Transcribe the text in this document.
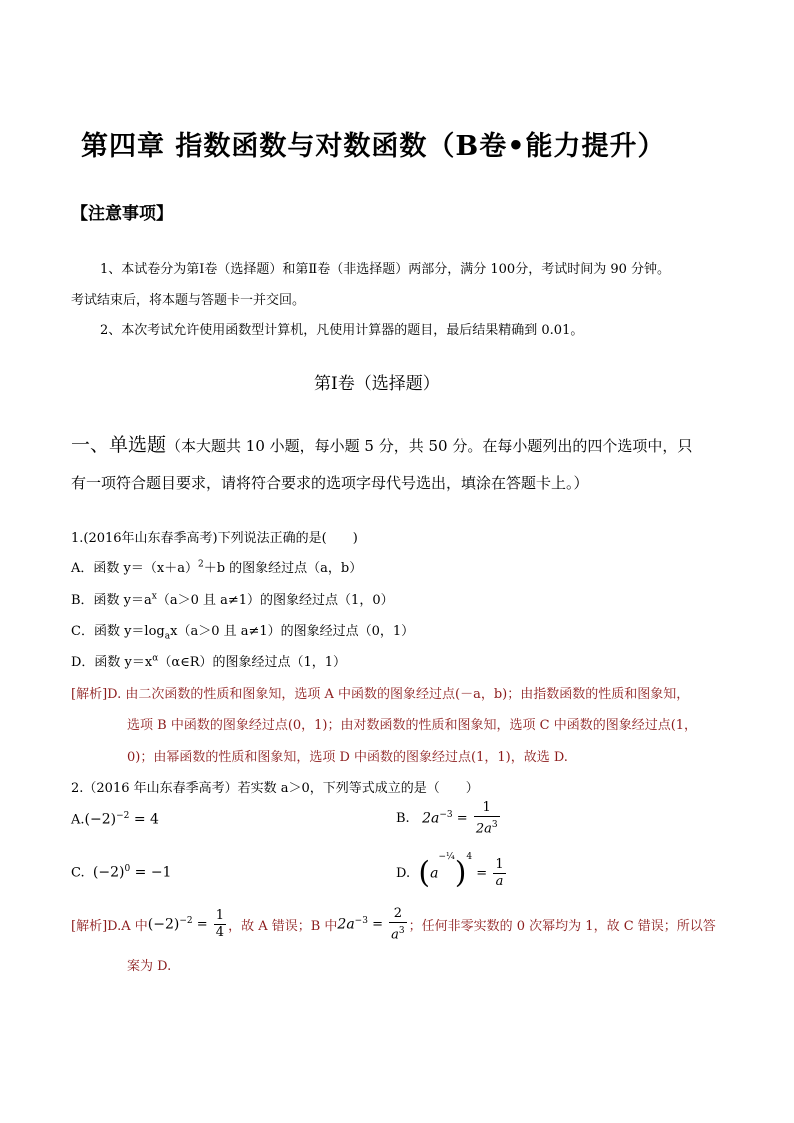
第四章 指数函数与对数函数（B卷•能力提升）
【注意事项】
1、本试卷分为第Ⅰ卷（选择题）和第Ⅱ卷（非选择题）两部分，满分 100分，考试时间为 90 分钟。
考试结束后，将本题与答题卡一并交回。
2、本次考试允许使用函数型计算机，凡使用计算器的题目，最后结果精确到 0.01。
第Ⅰ卷（选择题）
一、单选题（本大题共 10 小题，每小题 5 分，共 50 分。在每小题列出的四个选项中，只
有一项符合题目要求，请将符合要求的选项字母代号选出，填涂在答题卡上。）
1.(2016年山东春季高考)下列说法正确的是(　　)
A．函数 $y=(x+a)^2+b$ 的图象经过点（a，b）
B．函数 $y=a^x(a>0$ 且 a≠1）的图象经过点（1，0）
C．函数 $y=\log_ax(a>0$ 且 a≠1）的图象经过点（0，1）
D．函数 $y=x^\alpha(\alpha\in R)$的图象经过点（1，1）
[解析]D. 由二次函数的性质和图象知，选项 A 中函数的图象经过点(－a，b)；由指数函数的性质和图象知，
选项 B 中函数的图象经过点(0，1)；由对数函数的性质和图象知，选项 C 中函数的图象经过点(1，
0)；由幂函数的性质和图象知，选项 D 中函数的图象经过点(1，1)，故选 D.
2.（2016 年山东春季高考）若实数 a＞0，下列等式成立的是（　　）
$A.(-2)^{-2} = 4$	B. $2a^{-3} = \frac{1}{2a^3}$
C. $(-2)^0 = -1$	D. $(a^{-\frac{1}{4}})^4 = \frac{1}{a}$
[解析]D.A 中$(-2)^{-2} = \frac{1}{4}$ ，故 A 错误；B 中$2a^{-3} = \frac{2}{a^3}$ ；任何非零实数的 0 次幂均为 1，故 C 错误；所以答
案为 D.
